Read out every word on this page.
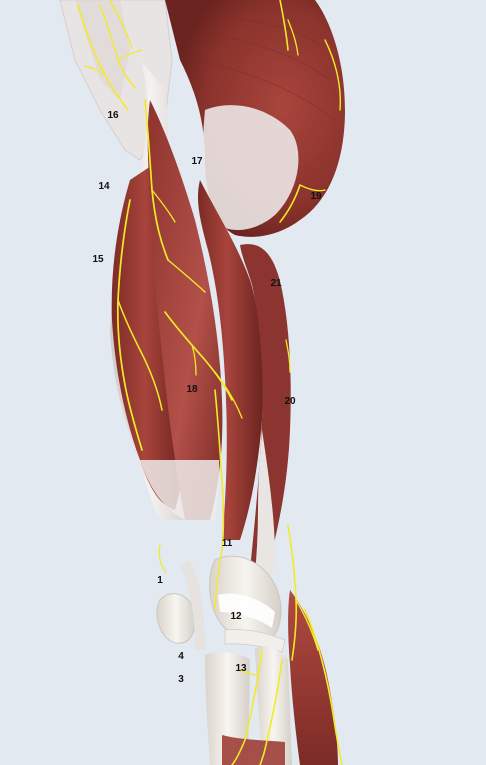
16
14
15
17
18
19
20
21
11
1
12
4
13
3
